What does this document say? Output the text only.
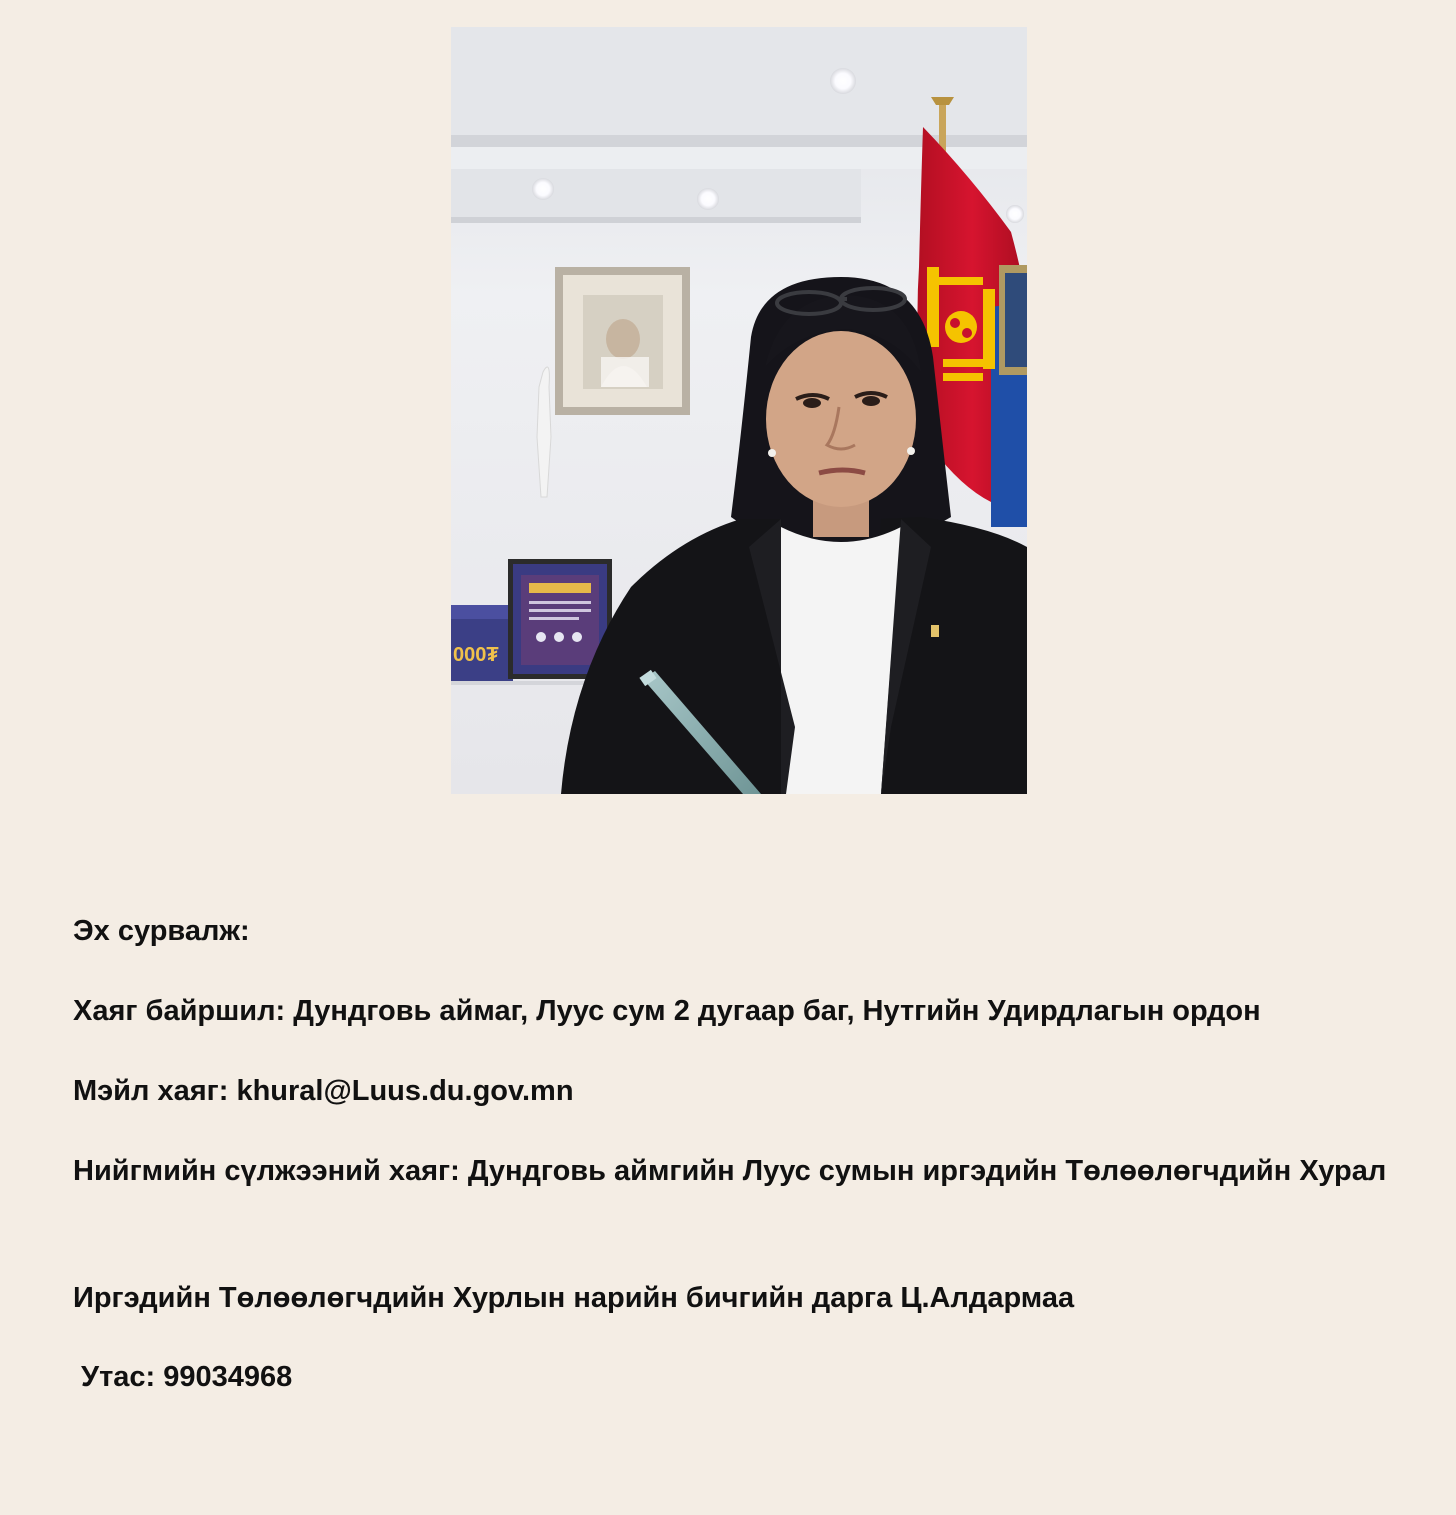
000₮
Эх сурвалж:
Хаяг байршил: Дундговь аймаг, Луус сум 2 дугаар баг, Нутгийн Удирдлагын ордон
Мэйл хаяг: khural@Luus.du.gov.mn
Нийгмийн сүлжээний хаяг: Дундговь аймгийн Луус сумын иргэдийн Төлөөлөгчдийн Хурал
Иргэдийн Төлөөлөгчдийн Хурлын нарийн бичгийн дарга Ц.Алдармаа
Утас: 99034968
